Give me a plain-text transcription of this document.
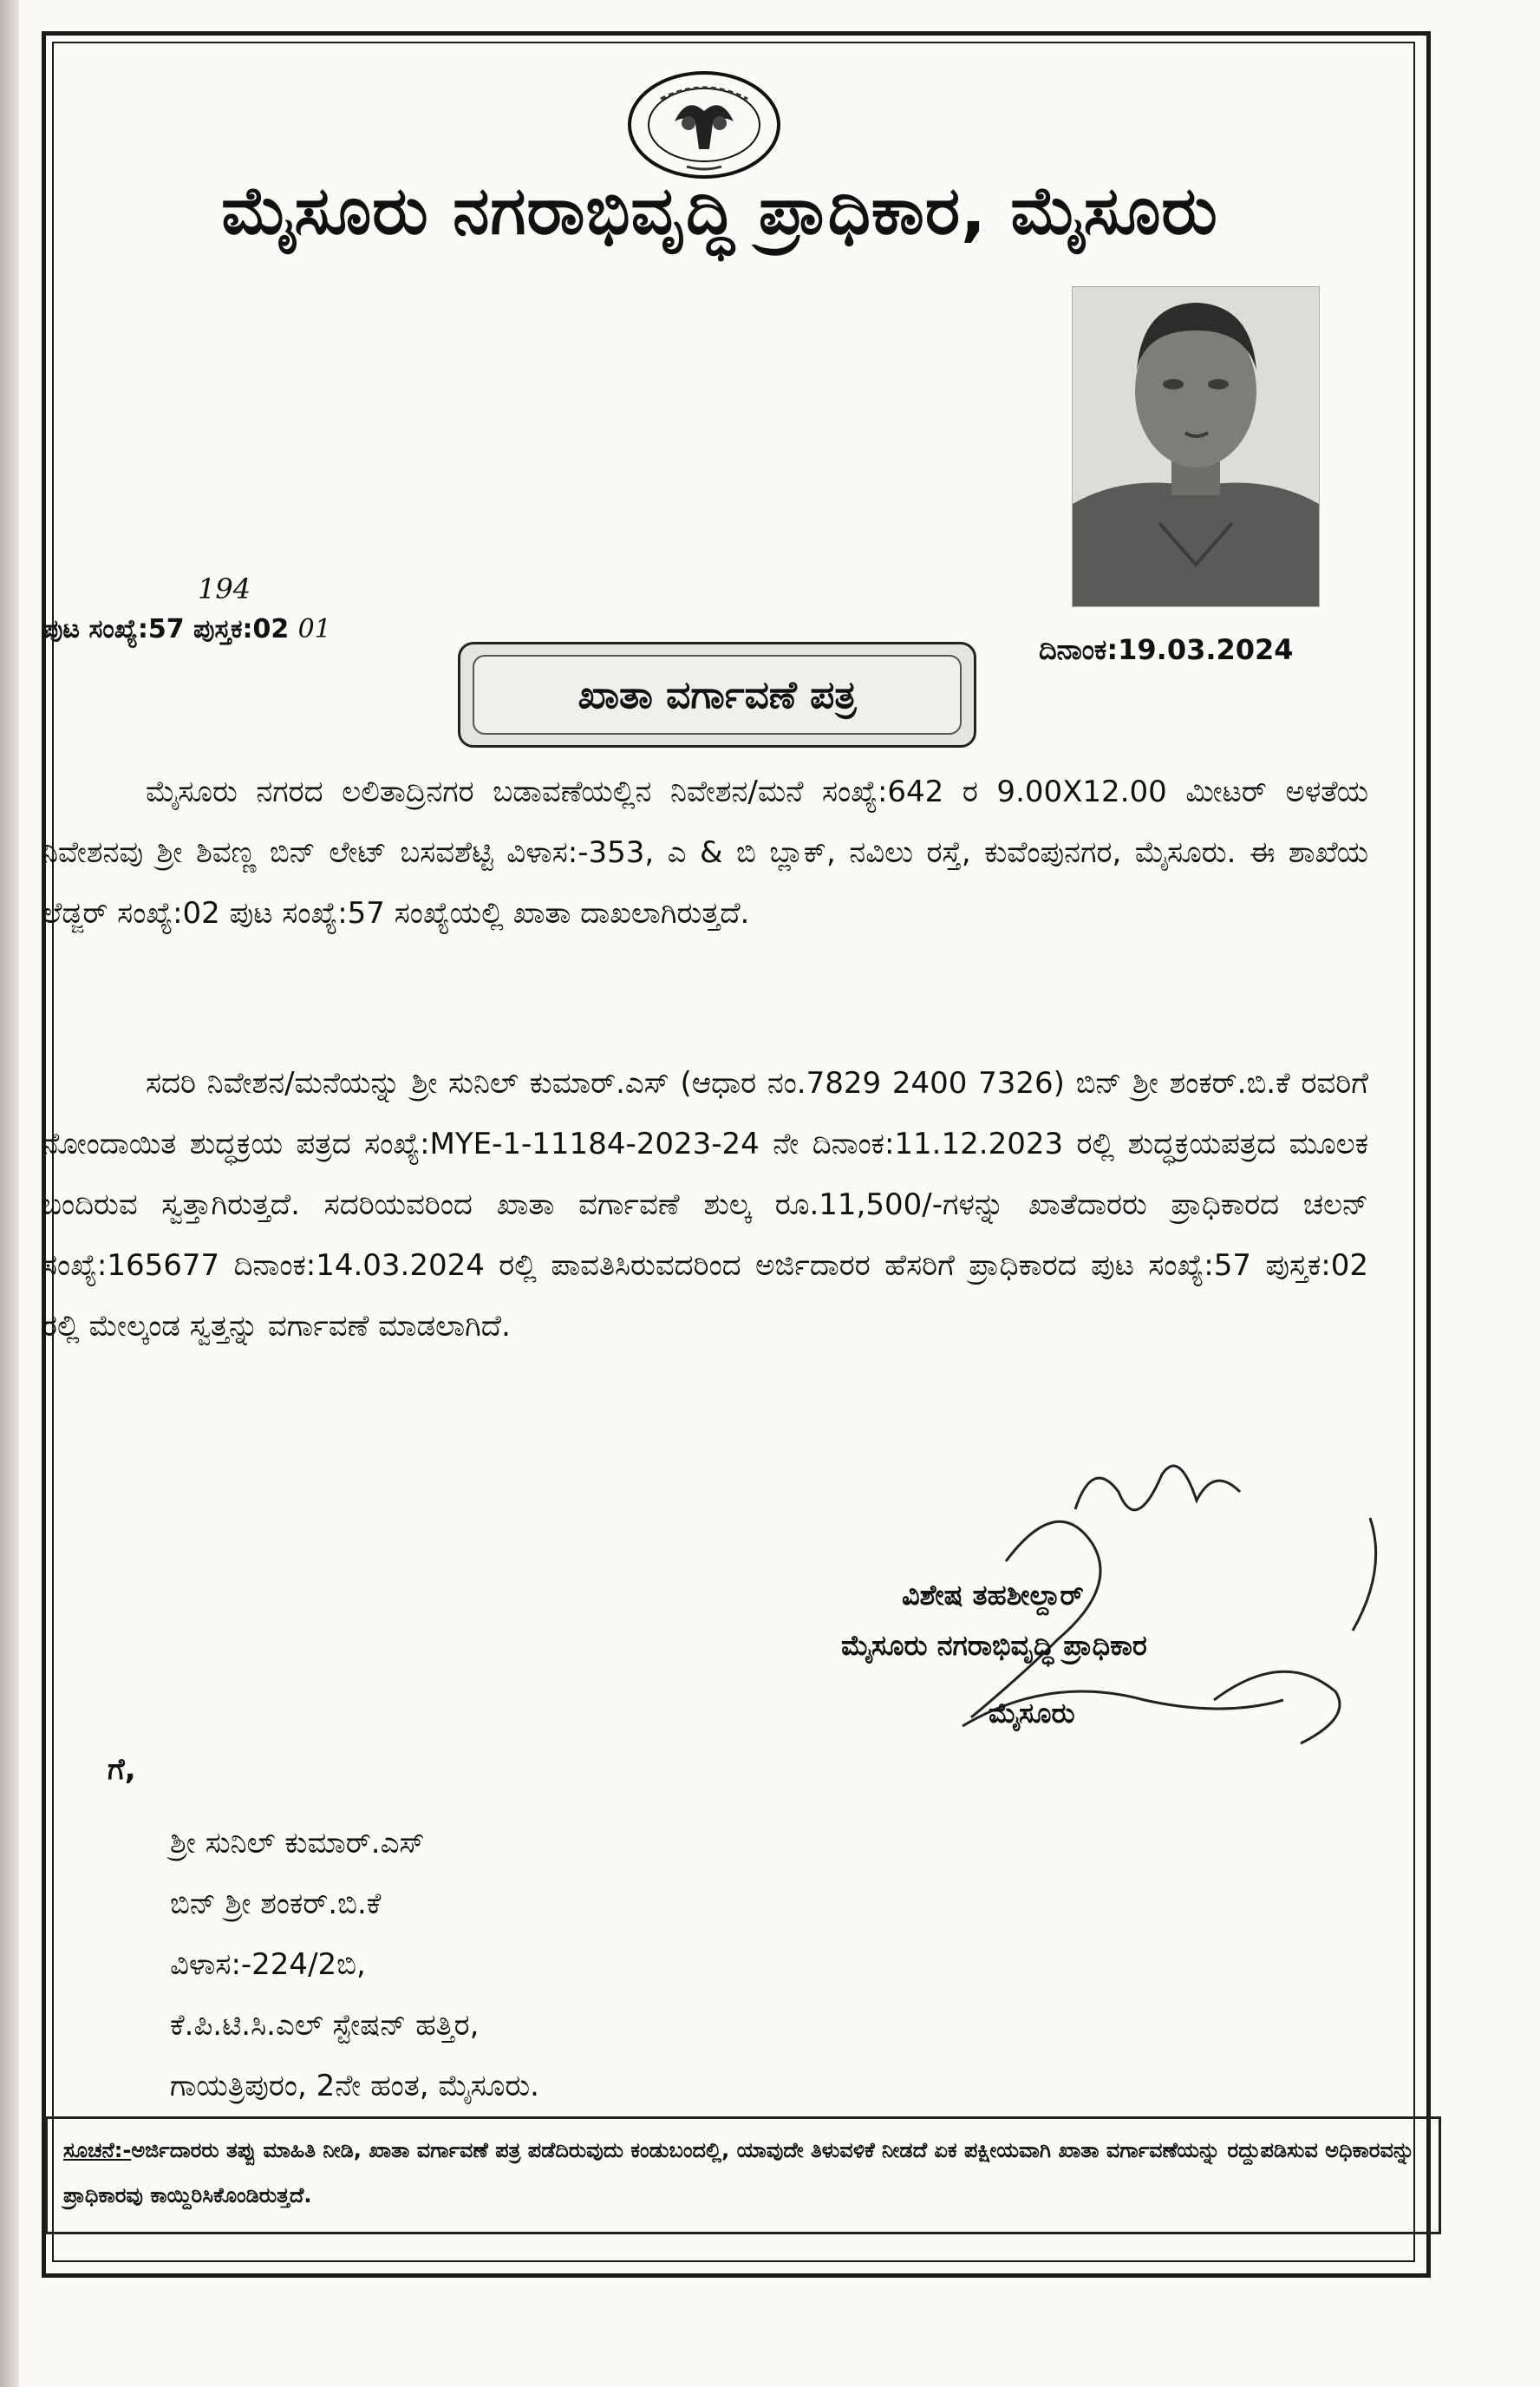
ಮೈಸೂರು ನಗರಾಭಿವೃದ್ಧಿ ಪ್ರಾಧಿಕಾರ, ಮೈಸೂರು
194
ಪುಟ ಸಂಖ್ಯೆ:57 ಪುಸ್ತಕ:02 01
ದಿನಾಂಕ:19.03.2024
ಖಾತಾ ವರ್ಗಾವಣೆ ಪತ್ರ
ಮೈಸೂರು ನಗರದ ಲಲಿತಾದ್ರಿನಗರ ಬಡಾವಣೆಯಲ್ಲಿನ ನಿವೇಶನ/ಮನೆ ಸಂಖ್ಯೆ:642 ರ 9.00X12.00 ಮೀಟರ್ ಅಳತೆಯ ನಿವೇಶನವು ಶ್ರೀ ಶಿವಣ್ಣ ಬಿನ್ ಲೇಟ್ ಬಸವಶೆಟ್ಟಿ ವಿಳಾಸ:-353, ಎ & ಬಿ ಬ್ಲಾಕ್, ನವಿಲು ರಸ್ತೆ, ಕುವೆಂಪುನಗರ, ಮೈಸೂರು. ಈ ಶಾಖೆಯ ಲೆಡ್ಜರ್ ಸಂಖ್ಯೆ:02 ಪುಟ ಸಂಖ್ಯೆ:57 ಸಂಖ್ಯೆಯಲ್ಲಿ ಖಾತಾ ದಾಖಲಾಗಿರುತ್ತದೆ.
ಸದರಿ ನಿವೇಶನ/ಮನೆಯನ್ನು ಶ್ರೀ ಸುನಿಲ್ ಕುಮಾರ್.ಎಸ್ (ಆಧಾರ ನಂ.7829 2400 7326) ಬಿನ್ ಶ್ರೀ ಶಂಕರ್.ಬಿ.ಕೆ ರವರಿಗೆ ನೋಂದಾಯಿತ ಶುದ್ಧಕ್ರಯ ಪತ್ರದ ಸಂಖ್ಯೆ:MYE-1-11184-2023-24 ನೇ ದಿನಾಂಕ:11.12.2023 ರಲ್ಲಿ ಶುದ್ಧಕ್ರಯಪತ್ರದ ಮೂಲಕ ಬಂದಿರುವ ಸ್ವತ್ತಾಗಿರುತ್ತದೆ. ಸದರಿಯವರಿಂದ ಖಾತಾ ವರ್ಗಾವಣೆ ಶುಲ್ಕ ರೂ.11,500/-ಗಳನ್ನು ಖಾತೆದಾರರು ಪ್ರಾಧಿಕಾರದ ಚಲನ್ ಸಂಖ್ಯೆ:165677 ದಿನಾಂಕ:14.03.2024 ರಲ್ಲಿ ಪಾವತಿಸಿರುವದರಿಂದ ಅರ್ಜಿದಾರರ ಹೆಸರಿಗೆ ಪ್ರಾಧಿಕಾರದ ಪುಟ ಸಂಖ್ಯೆ:57 ಪುಸ್ತಕ:02 ರಲ್ಲಿ ಮೇಲ್ಕಂಡ ಸ್ವತ್ತನ್ನು ವರ್ಗಾವಣೆ ಮಾಡಲಾಗಿದೆ.
ವಿಶೇಷ ತಹಶೀಲ್ದಾರ್
ಮೈಸೂರು ನಗರಾಭಿವೃದ್ಧಿ ಪ್ರಾಧಿಕಾರ
ಮೈಸೂರು
ಗೆ,
ಶ್ರೀ ಸುನಿಲ್ ಕುಮಾರ್.ಎಸ್
ಬಿನ್ ಶ್ರೀ ಶಂಕರ್.ಬಿ.ಕೆ
ವಿಳಾಸ:-224/2ಬಿ,
ಕೆ.ಪಿ.ಟಿ.ಸಿ.ಎಲ್ ಸ್ಟೇಷನ್ ಹತ್ತಿರ,
ಗಾಯತ್ರಿಪುರಂ, 2ನೇ ಹಂತ, ಮೈಸೂರು.
ಸೂಚನೆ:-ಅರ್ಜಿದಾರರು ತಪ್ಪು ಮಾಹಿತಿ ನೀಡಿ, ಖಾತಾ ವರ್ಗಾವಣೆ ಪತ್ರ ಪಡೆದಿರುವುದು ಕಂಡುಬಂದಲ್ಲಿ, ಯಾವುದೇ ತಿಳುವಳಿಕೆ ನೀಡದೆ ಏಕ ಪಕ್ಷೀಯವಾಗಿ ಖಾತಾ ವರ್ಗಾವಣೆಯನ್ನು ರದ್ದುಪಡಿಸುವ ಅಧಿಕಾರವನ್ನು ಪ್ರಾಧಿಕಾರವು ಕಾಯ್ದಿರಿಸಿಕೊಂಡಿರುತ್ತದೆ.
